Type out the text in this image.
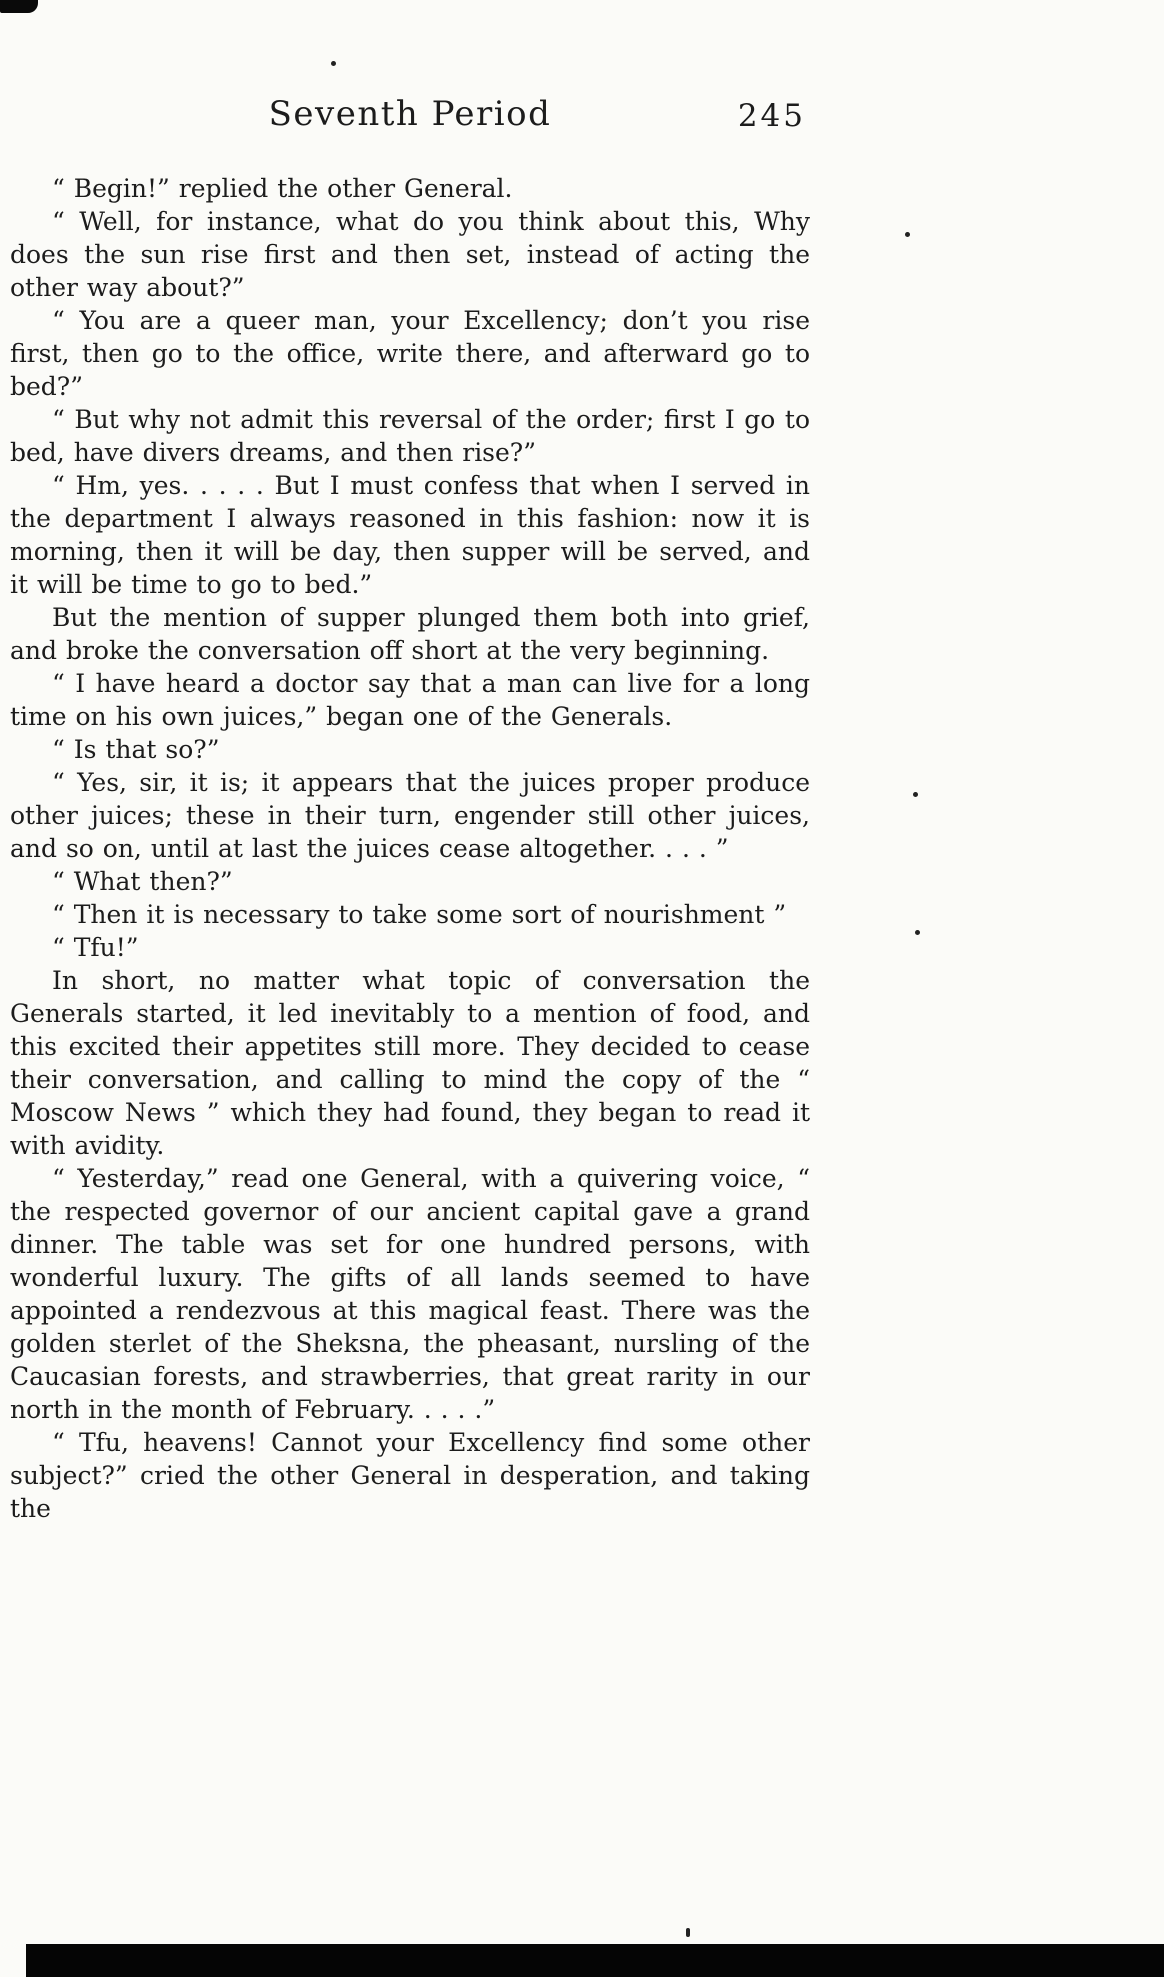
Seventh Period	245

“ Begin!” replied the other General.

“ Well, for instance, what do you think about this, Why does the sun rise first and then set, instead of acting the other way about?”

“ You are a queer man, your Excellency; don’t you rise first, then go to the office, write there, and afterward go to bed?”

“ But why not admit this reversal of the order; first I go to bed, have divers dreams, and then rise?”

“ Hm, yes. . . . . But I must confess that when I served in the department I always reasoned in this fashion: now it is morning, then it will be day, then supper will be served, and it will be time to go to bed.”

But the mention of supper plunged them both into grief, and broke the conversation off short at the very beginning.

“ I have heard a doctor say that a man can live for a long time on his own juices,” began one of the Generals.

“ Is that so?”

“ Yes, sir, it is; it appears that the juices proper produce other juices; these in their turn, engender still other juices, and so on, until at last the juices cease altogether. . . . ”

“ What then?”

“ Then it is necessary to take some sort of nourishment ”

“ Tfu!”

In short, no matter what topic of conversation the Generals started, it led inevitably to a mention of food, and this excited their appetites still more. They decided to cease their conversation, and calling to mind the copy of the “ Moscow News ” which they had found, they began to read it with avidity.

“ Yesterday,” read one General, with a quivering voice, “ the respected governor of our ancient capital gave a grand dinner. The table was set for one hundred persons, with wonderful luxury. The gifts of all lands seemed to have appointed a rendezvous at this magical feast. There was the golden sterlet of the Sheksna, the pheasant, nursling of the Caucasian forests, and strawberries, that great rarity in our north in the month of February. . . . .”

“ Tfu, heavens! Cannot your Excellency find some other subject?” cried the other General in desperation, and taking the
